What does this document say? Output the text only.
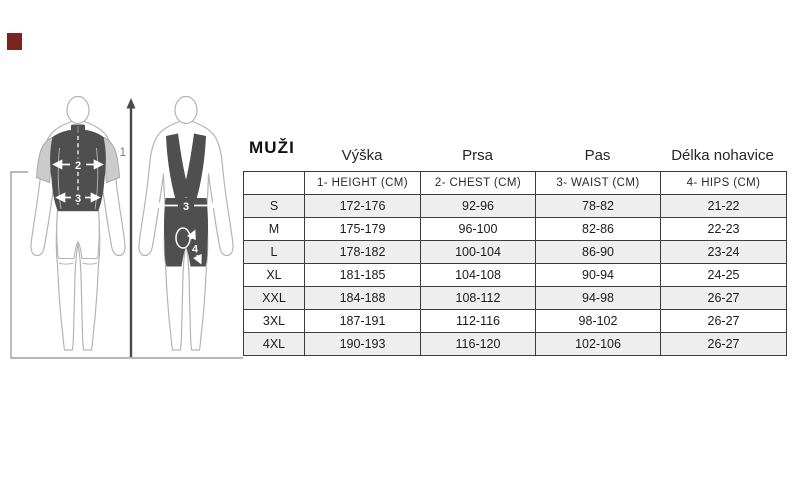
2
3
1
3
4
MUŽI	Výška	Prsa	Pas	Délka nohavice
	1- HEIGHT (CM)	2- CHEST (CM)	3- WAIST (CM)	4- HIPS (CM)
S	172-176	92-96	78-82	21-22
M	175-179	96-100	82-86	22-23
L	178-182	100-104	86-90	23-24
XL	181-185	104-108	90-94	24-25
XXL	184-188	108-112	94-98	26-27
3XL	187-191	112-116	98-102	26-27
4XL	190-193	116-120	102-106	26-27
